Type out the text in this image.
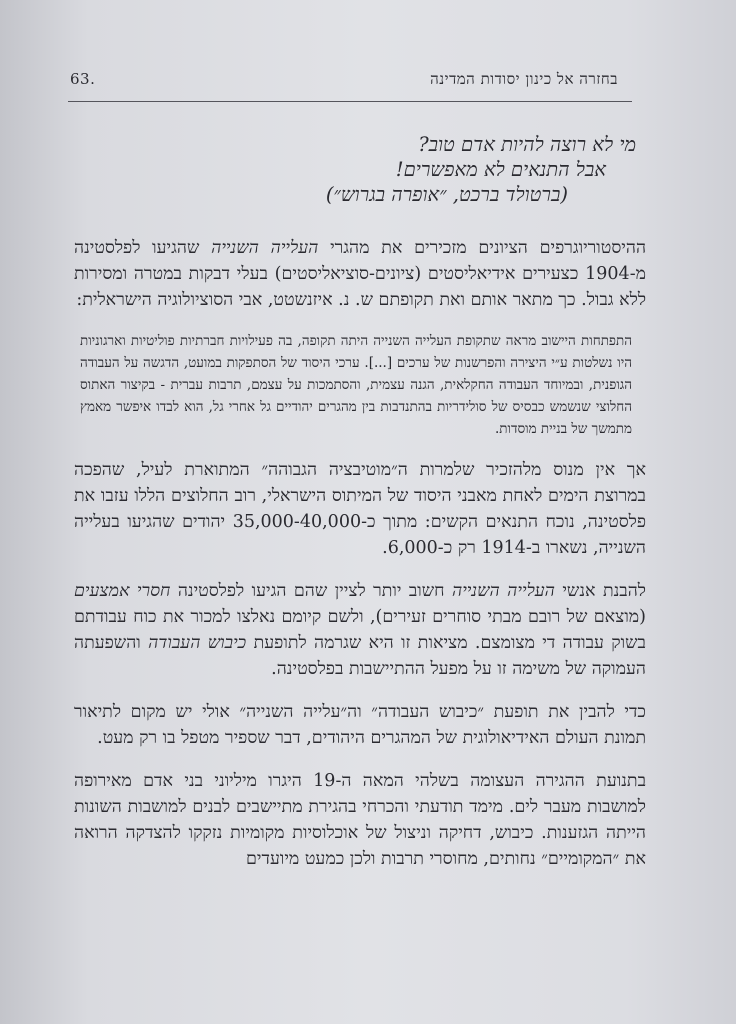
בחזרה אל כינון יסודות המדינה
63.
מי לא רוצה להיות אדם טוב?
אבל התנאים לא מאפשרים!
(ברטולד ברכט, ״אופרה בגרוש״)

ההיסטוריוגרפים הציונים מזכירים את מהגרי העלייה השנייה שהגיעו לפלסטינה מ-1904 כצעירים אידיאליסטים (ציונים-סוציאליסטים) בעלי דבקות במטרה ומסירות ללא גבול. כך מתאר אותם ואת תקופתם ש. נ. איזנשטט, אבי הסוציולוגיה הישראלית:

התפתחות היישוב מראה שתקופת העלייה השנייה היתה תקופה, בה פעילויות חברתיות פוליטיות וארגוניות היו נשלטות ע״י היצירה והפרשנות של ערכים [...]. ערכי היסוד של הסתפקות במועט, הדגשה על העבודה הגופנית, ובמיוחד העבודה החקלאית, הגנה עצמית, והסתמכות על עצמם, תרבות עברית - בקיצור האתוס החלוצי שנשמש כבסיס של סולידריות בהתנדבות בין מהגרים יהודיים גל אחרי גל, הוא לבדו איפשר מאמץ מתמשך של בניית מוסדות.

אך אין מנוס מלהזכיר שלמרות ה״מוטיבציה הגבוהה״ המתוארת לעיל, שהפכה במרוצת הימים לאחת מאבני היסוד של המיתוס הישראלי, רוב החלוצים הללו עזבו את פלסטינה, נוכח התנאים הקשים: מתוך כ-35,000-40,000 יהודים שהגיעו בעלייה השנייה, נשארו ב-1914 רק כ-6,000.

להבנת אנשי העלייה השנייה חשוב יותר לציין שהם הגיעו לפלסטינה חסרי אמצעים (מוצאם של רובם מבתי סוחרים זעירים), ולשם קיומם נאלצו למכור את כוח עבודתם בשוק עבודה די מצומצם. מציאות זו היא שגרמה לתופעת כיבוש העבודה והשפעתה העמוקה של משימה זו על מפעל ההתיישבות בפלסטינה.

כדי להבין את תופעת ״כיבוש העבודה״ וה״עלייה השנייה״ אולי יש מקום לתיאור תמונת העולם האידיאולוגית של המהגרים היהודים, דבר שספיר מטפל בו רק מעט.

בתנועת ההגירה העצומה בשלהי המאה ה-19 היגרו מיליוני בני אדם מאירופה למושבות מעבר לים. מימד תודעתי והכרחי בהגירת מתיישבים לבנים למושבות השונות הייתה הגזענות. כיבוש, דחיקה וניצול של אוכלוסיות מקומיות נזקקו להצדקה הרואה את ״המקומיים״ נחותים, מחוסרי תרבות ולכן כמעט מיועדים
